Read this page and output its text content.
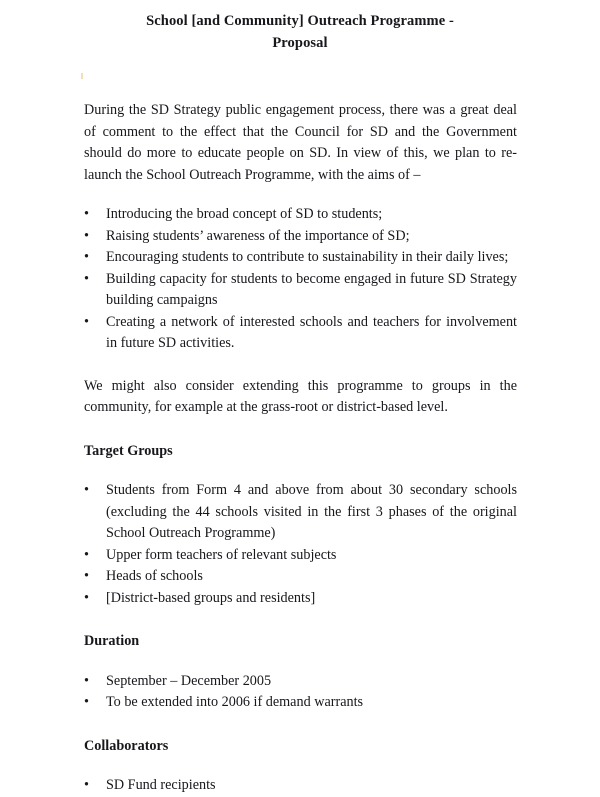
School [and Community] Outreach Programme -
Proposal

During the SD Strategy public engagement process, there was a great deal of comment to the effect that the Council for SD and the Government should do more to educate people on SD. In view of this, we plan to re-launch the School Outreach Programme, with the aims of –

• Introducing the broad concept of SD to students;
• Raising students’ awareness of the importance of SD;
• Encouraging students to contribute to sustainability in their daily lives;
• Building capacity for students to become engaged in future SD Strategy building campaigns
• Creating a network of interested schools and teachers for involvement in future SD activities.

We might also consider extending this programme to groups in the community, for example at the grass-root or district-based level.

Target Groups
• Students from Form 4 and above from about 30 secondary schools (excluding the 44 schools visited in the first 3 phases of the original School Outreach Programme)
• Upper form teachers of relevant subjects
• Heads of schools
• [District-based groups and residents]
Duration
• September – December 2005
• To be extended into 2006 if demand warrants
Collaborators
• SD Fund recipients
